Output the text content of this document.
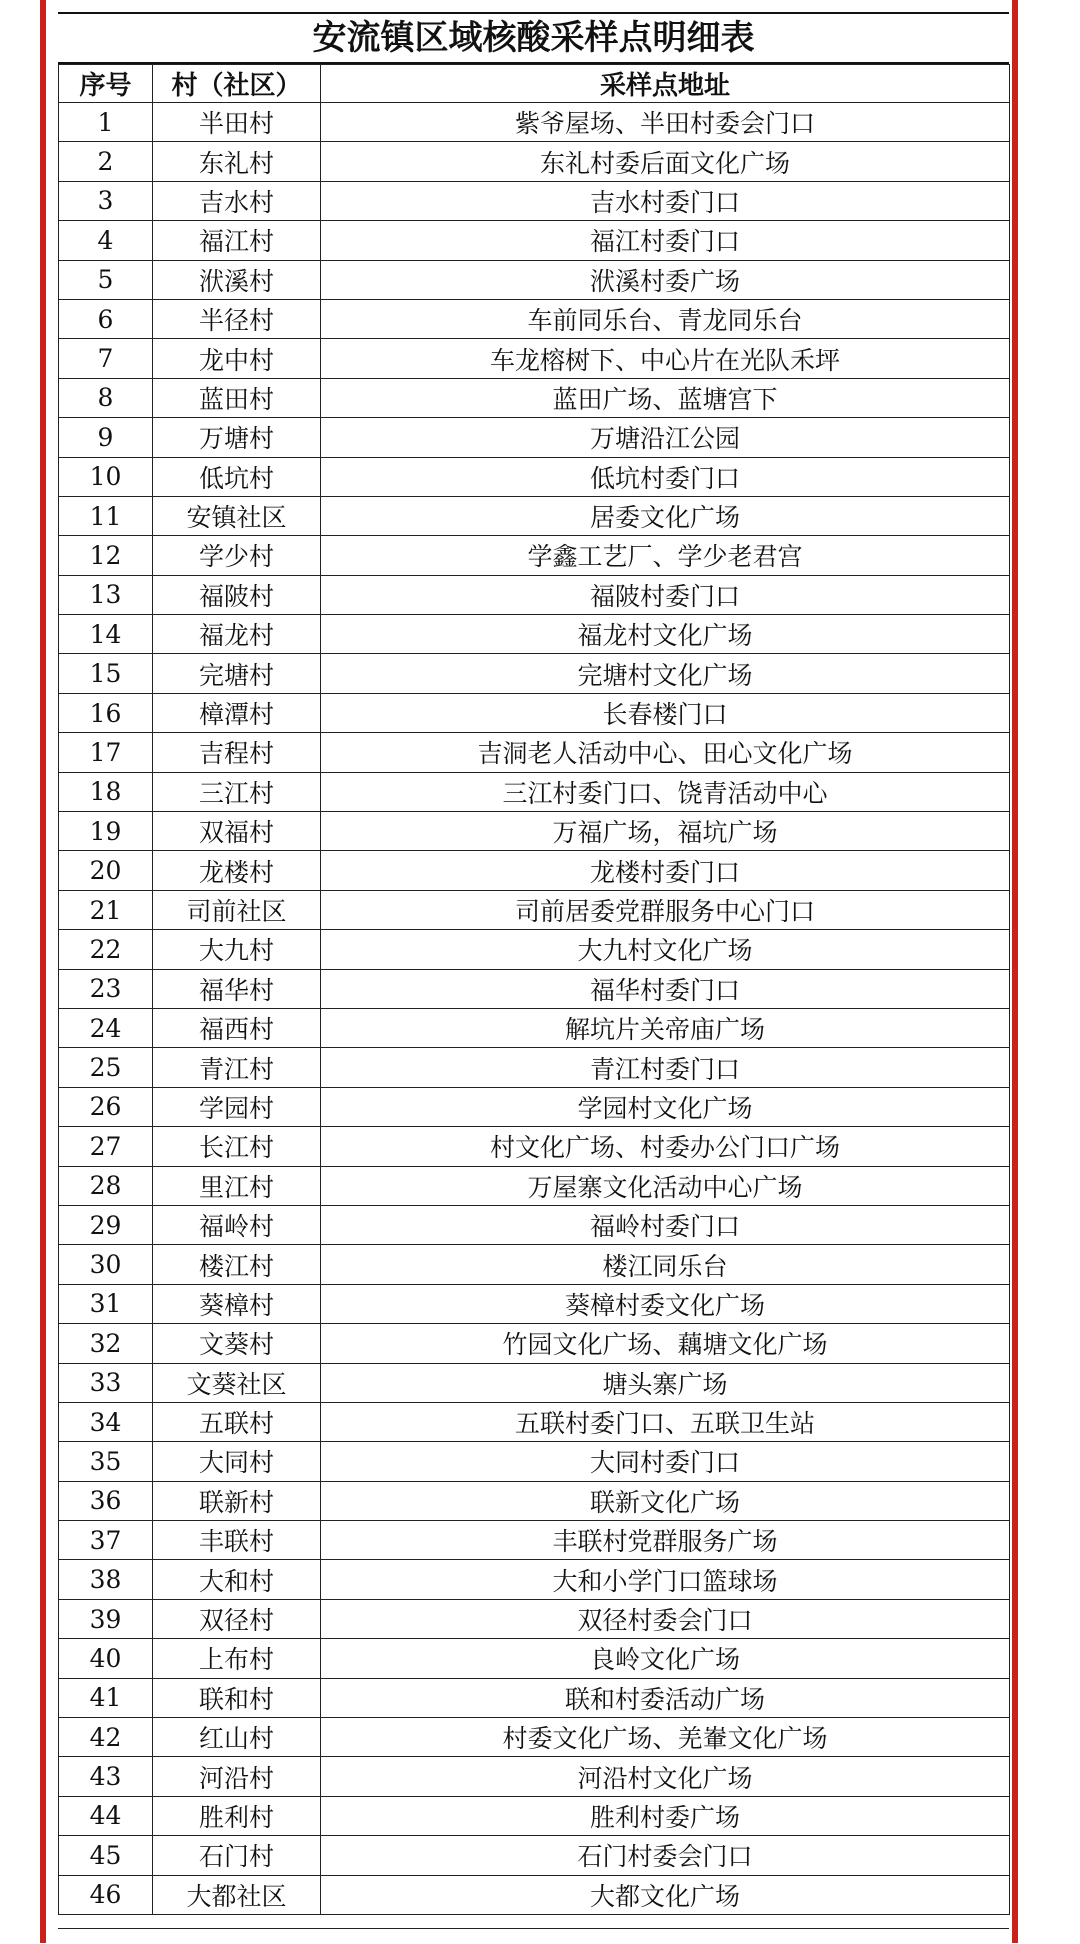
安流镇区域核酸采样点明细表
序号	村（社区）	采样点地址
1	半田村	紫爷屋场、半田村委会门口
2	东礼村	东礼村委后面文化广场
3	吉水村	吉水村委门口
4	福江村	福江村委门口
5	洑溪村	洑溪村委广场
6	半径村	车前同乐台、青龙同乐台
7	龙中村	车龙榕树下、中心片在光队禾坪
8	蓝田村	蓝田广场、蓝塘宫下
9	万塘村	万塘沿江公园
10	低坑村	低坑村委门口
11	安镇社区	居委文化广场
12	学少村	学鑫工艺厂、学少老君宫
13	福陂村	福陂村委门口
14	福龙村	福龙村文化广场
15	完塘村	完塘村文化广场
16	樟潭村	长春楼门口
17	吉程村	吉洞老人活动中心、田心文化广场
18	三江村	三江村委门口、饶青活动中心
19	双福村	万福广场，福坑广场
20	龙楼村	龙楼村委门口
21	司前社区	司前居委党群服务中心门口
22	大九村	大九村文化广场
23	福华村	福华村委门口
24	福西村	解坑片关帝庙广场
25	青江村	青江村委门口
26	学园村	学园村文化广场
27	长江村	村文化广场、村委办公门口广场
28	里江村	万屋寨文化活动中心广场
29	福岭村	福岭村委门口
30	楼江村	楼江同乐台
31	葵樟村	葵樟村委文化广场
32	文葵村	竹园文化广场、藕塘文化广场
33	文葵社区	塘头寨广场
34	五联村	五联村委门口、五联卫生站
35	大同村	大同村委门口
36	联新村	联新文化广场
37	丰联村	丰联村党群服务广场
38	大和村	大和小学门口篮球场
39	双径村	双径村委会门口
40	上布村	良岭文化广场
41	联和村	联和村委活动广场
42	红山村	村委文化广场、羌輋文化广场
43	河沿村	河沿村文化广场
44	胜利村	胜利村委广场
45	石门村	石门村委会门口
46	大都社区	大都文化广场
